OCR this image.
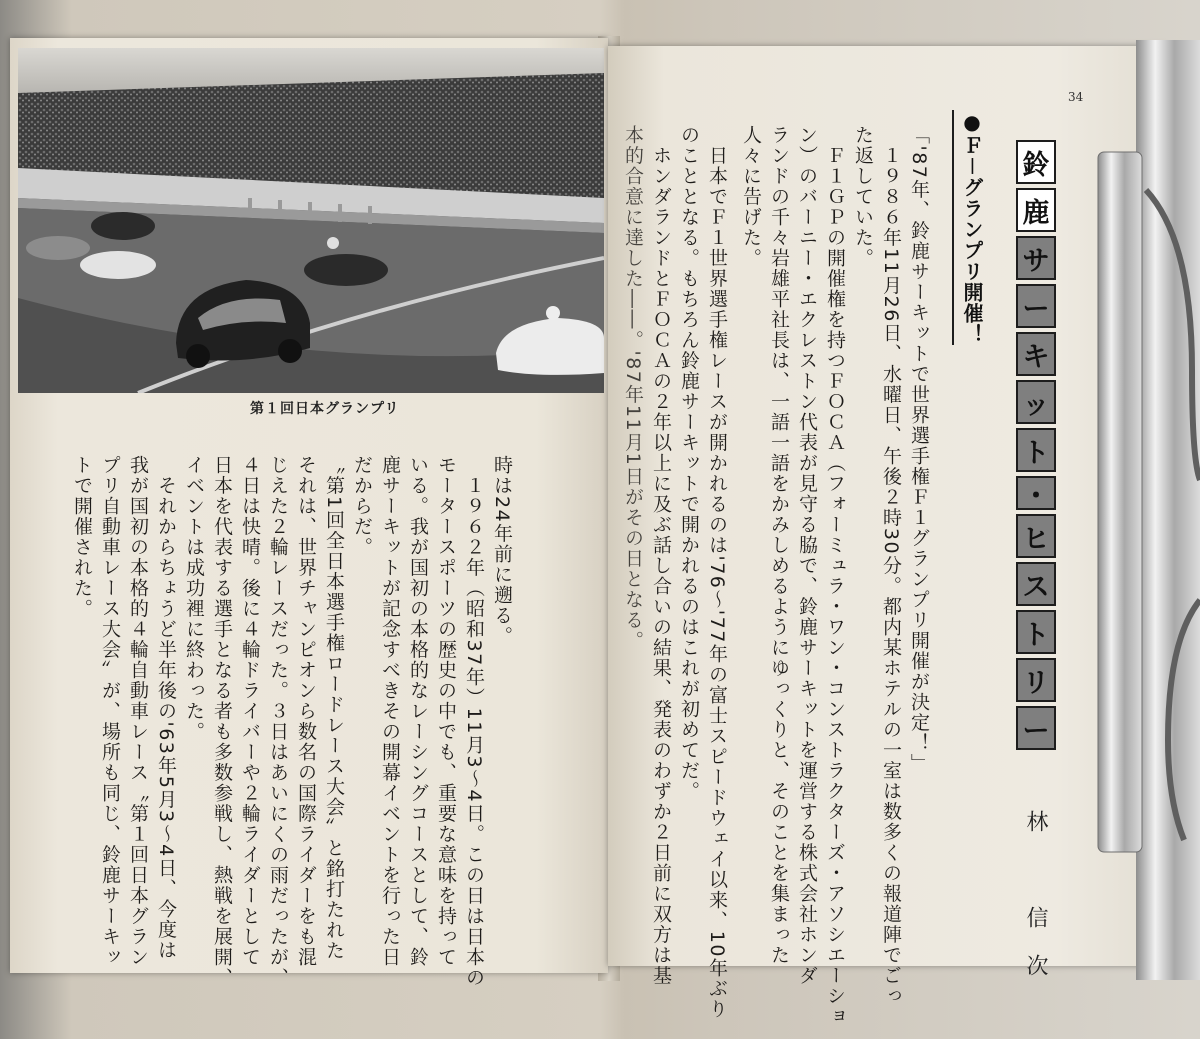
第１回日本グランプリ
時は24年前に遡る。
　１９６２年（昭和37年）11月3～4日。この日は日本の
モータースポーツの歴史の中でも、重要な意味を持って
いる。我が国初の本格的なレーシングコースとして、鈴
鹿サーキットが記念すべきその開幕イベントを行った日
だからだ。
〝第1回全日本選手権ロードレース大会〟と銘打たれた
それは、世界チャンピオンら数名の国際ライダーをも混
じえた２輪レースだった。３日はあいにくの雨だったが、
４日は快晴。後に４輪ドライバーや２輪ライダーとして
日本を代表する選手となる者も多数参戦し、熱戦を展開、
イベントは成功裡に終わった。
　それからちょうど半年後の'63年5月3～4日、今度は
我が国初の本格的４輪自動車レース〝第１回日本グラン
プリ自動車レース大会〟が、場所も同じ、鈴鹿サーキッ
トで開催された。
34
鈴
鹿
サ
ー
キ
ッ
ト
・
ヒ
ス
ト
リ
ー
●Ｆ－グランプリ開催！
「'87年、鈴鹿サーキットで世界選手権Ｆ１グランプリ開催が決定！」
　１９８６年11月26日、水曜日、午後２時30分。都内某ホテルの一室は数多くの報道陣でごっ
た返していた。
　Ｆ１ＧＰの開催権を持つＦＯＣＡ（フォーミュラ・ワン・コンストラクターズ・アソシエーショ
ン）のバーニー・エクレストン代表が見守る脇で、鈴鹿サーキットを運営する株式会社ホンダ
ランドの千々岩雄平社長は、一語一語をかみしめるようにゆっくりと、そのことを集まった
人々に告げた。
　日本でＦ１世界選手権レースが開かれるのは'76～'77年の富士スピードウェイ以来、10年ぶり
のこととなる。もちろん鈴鹿サーキットで開かれるのはこれが初めてだ。
　ホンダランドとＦＯＣＡの２年以上に及ぶ話し合いの結果、発表のわずか２日前に双方は基
本的合意に達した――。'87年11月1日がその日となる。
林　信次
